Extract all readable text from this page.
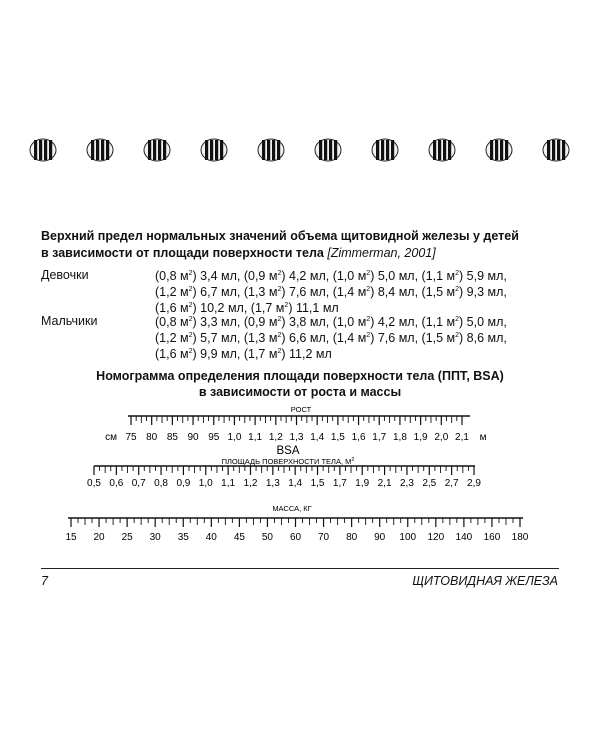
Верхний предел нормальных значений объема щитовидной железы у детей
в зависимости от площади поверхности тела [Zimmerman, 2001]
Девочки	(0,8 $м^2$) 3,4 мл, (0,9 $м^2$) 4,2 мл, (1,0 $м^2$) 5,0 мл, (1,1 $м^2$) 5,9 мл,
(1,2 $м^2$) 6,7 мл, (1,3 $м^2$) 7,6 мл, (1,4 $м^2$) 8,4 мл, (1,5 $м^2$) 9,3 мл,
(1,6 $м^2$) 10,2 мл, (1,7 $м^2$) 11,1 мл
Мальчики	(0,8 $м^2$) 3,3 мл, (0,9 $м^2$) 3,8 мл, (1,0 $м^2$) 4,2 мл, (1,1 $м^2$) 5,0 мл,
(1,2 $м^2$) 5,7 мл, (1,3 $м^2$) 6,6 мл, (1,4 $м^2$) 7,6 мл, (1,5 $м^2$) 8,6 мл,
(1,6 $м^2$) 9,9 мл, (1,7 $м^2$) 11,2 мл
Номограмма определения площади поверхности тела (ППТ, BSA)
в зависимости от роста и массы
РОСТ
75 80 85 90 95 1,0 1,1 1,2 1,3 1,4 1,5 1,6 1,7 1,8 1,9 2,0 2,1
см	м
BSA
ПЛОЩАДЬ ПОВЕРХНОСТИ ТЕЛА, $М^2$
0,5 0,6 0,7 0,8 0,9 1,0 1,1 1,2 1,3 1,4 1,5 1,7 1,9 2,1 2,3 2,5 2,7 2,9
МАССА, КГ
15 20 25 30 35 40 45 50 60 70 80 90 100 120 140 160 180
7	ЩИТОВИДНАЯ ЖЕЛЕЗА
